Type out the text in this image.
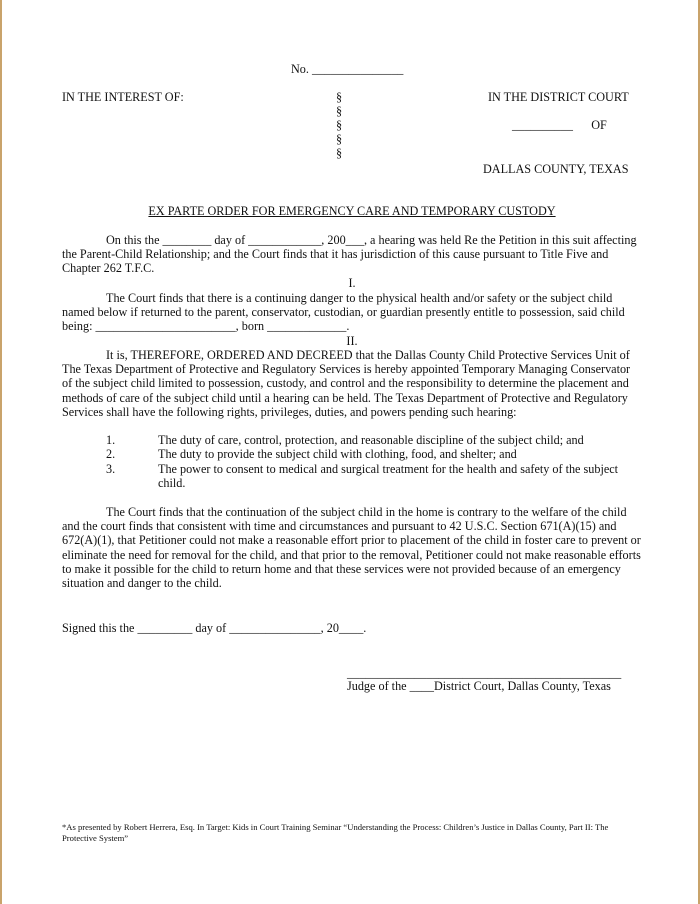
No. _______________
IN THE INTEREST OF:	§
§
§
§
§
IN THE DISTRICT COURT
__________      OF
DALLAS COUNTY, TEXAS
EX PARTE ORDER FOR EMERGENCY CARE AND TEMPORARY CUSTODY

On this the ________ day of ____________, 200___, a hearing was held Re the Petition in this suit affecting the Parent-Child Relationship; and the Court finds that it has jurisdiction of this cause pursuant to Title Five and Chapter 262 T.F.C.

I.

The Court finds that there is a continuing danger to the physical health and/or safety or the subject child named below if returned to the parent, conservator, custodian, or guardian presently entitle to possession, said child being: _______________________, born _____________.

II.

It is, THEREFORE, ORDERED AND DECREED that the Dallas County Child Protective Services Unit of The Texas Department of Protective and Regulatory Services is hereby appointed Temporary Managing Conservator of the subject child limited to possession, custody, and control and the responsibility to determine the placement and methods of care of the subject child until a hearing can be held. The Texas Department of Protective and Regulatory Services shall have the following rights, privileges, duties, and powers pending such hearing:

1.	The duty of care, control, protection, and reasonable discipline of the subject child; and
2.	The duty to provide the subject child with clothing, food, and shelter; and
3.	The power to consent to medical and surgical treatment for the health and safety of the subject child.

The Court finds that the continuation of the subject child in the home is contrary to the welfare of the child and the court finds that consistent with time and circumstances and pursuant to 42 U.S.C. Section 671(A)(15) and 672(A)(1), that Petitioner could not make a reasonable effort prior to placement of the child in foster care to prevent or eliminate the need for removal for the child, and that prior to the removal, Petitioner could not make reasonable efforts to make it possible for the child to return home and that these services were not provided because of an emergency situation and danger to the child.

Signed this the _________ day of _______________, 20____.
_____________________________________________
Judge of the ____District Court, Dallas County, Texas
*As presented by Robert Herrera, Esq. In Target: Kids in Court Training Seminar “Understanding the Process: Children’s Justice in Dallas County, Part II: The Protective System”
